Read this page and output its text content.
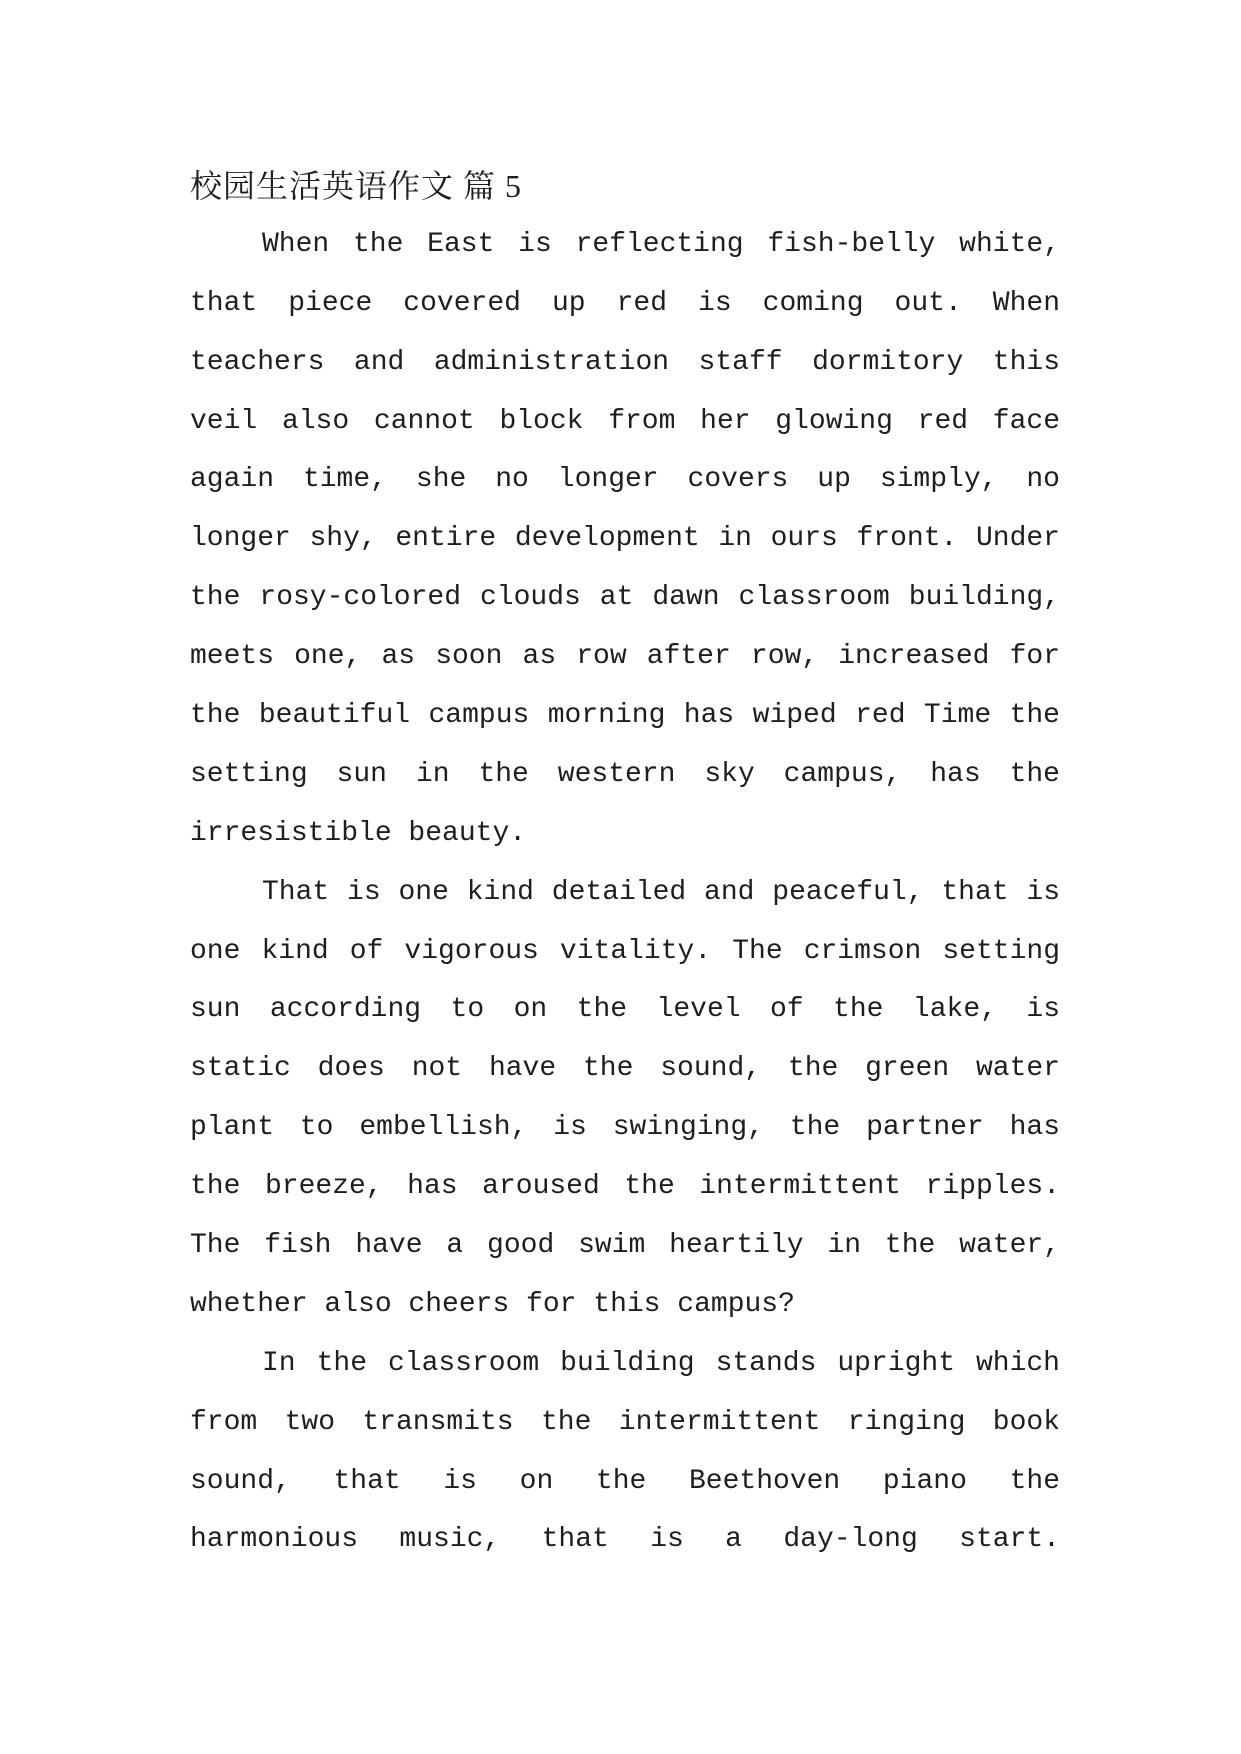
校园生活英语作文 篇 5
When the East is reflecting fish-belly white,
that piece covered up red is coming out. When
teachers and administration staff dormitory this
veil also cannot block from her glowing red face
again time, she no longer covers up simply, no
longer shy, entire development in ours front. Under
the rosy-colored clouds at dawn classroom building,
meets one, as soon as row after row, increased for
the beautiful campus morning has wiped red Time the
setting sun in the western sky campus, has the
irresistible beauty.
That is one kind detailed and peaceful, that is
one kind of vigorous vitality. The crimson setting
sun according to on the level of the lake, is
static does not have the sound, the green water
plant to embellish, is swinging, the partner has
the breeze, has aroused the intermittent ripples.
The fish have a good swim heartily in the water,
whether also cheers for this campus?
In the classroom building stands upright which
from two transmits the intermittent ringing book
sound, that is on the Beethoven piano the
harmonious music, that is a day-long start.
